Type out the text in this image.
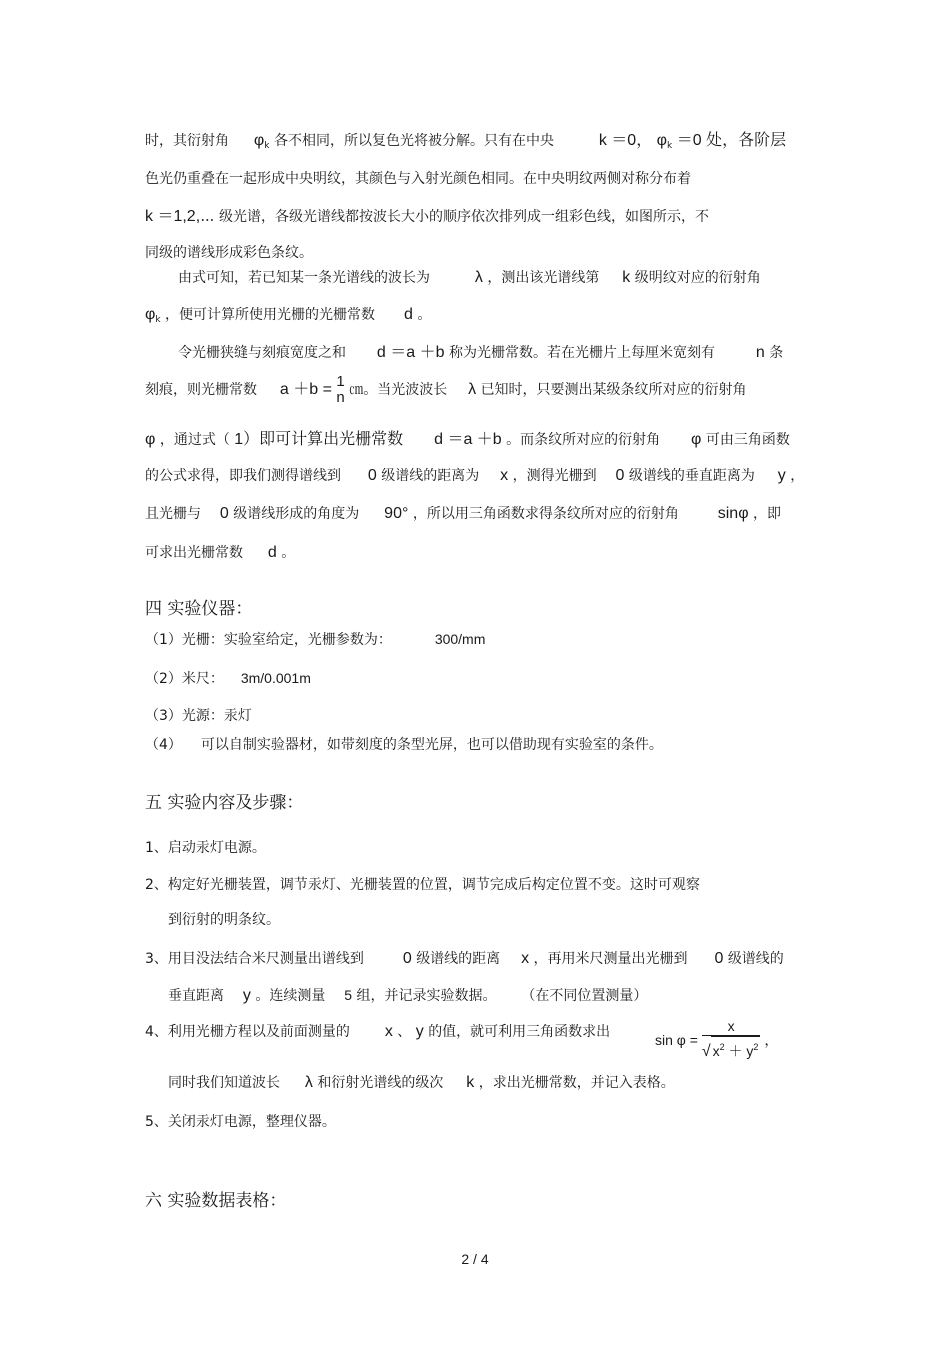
时，其衍射角 $\varphi_k$ 各不相同，所以复色光将被分解。只有在中央	k ＝0， $\varphi_k =0$ 处，各阶层
色光仍重叠在一起形成中央明纹，其颜色与入射光颜色相同。在中央明纹两侧对称分布着
k ＝1,2,⋯ 级光谱，各级光谱线都按波长大小的顺序依次排列成一组彩色线，如图所示，不
同级的谱线形成彩色条纹。
由式可知，若已知某一条光谱线的波长为	λ ，测出该光谱线第 k 级明纹对应的衍射角
$\varphi_k$ ，便可计算所使用光栅的光栅常数 d 。
令光栅狭缝与刻痕宽度之和 d ＝a ＋b 称为光栅常数。若在光栅片上每厘米宽刻有	n 条
刻痕，则光栅常数 a ＋b = 1
n ㎝。当光波波长 λ 已知时，只要测出某级条纹所对应的衍射角
φ ，通过式（ 1）即可计算出光栅常数 d ＝a ＋b 。而条纹所对应的衍射角 φ 可由三角函数
的公式求得，即我们测得谱线到 0 级谱线的距离为 x ，测得光栅到 0 级谱线的垂直距离为 y ，
且光栅与 0 级谱线形成的角度为 90° ，所以用三角函数求得条纹所对应的衍射角 sinφ ，即
可求出光栅常数 d 。
四 实验仪器：
（1）光栅：实验室给定，光栅参数为：	300/mm
（2）米尺： 3m/0.001m
（3）光源：汞灯
（4） 可以自制实验器材，如带刻度的条型光屏，也可以借助现有实验室的条件。
五 实验内容及步骤：
1、启动汞灯电源。
2、构定好光栅装置，调节汞灯、光栅装置的位置，调节完成后构定位置不变。这时可观察
到衍射的明条纹。
3、用目没法结合米尺测量出谱线到 0 级谱线的距离 x ，再用米尺测量出光栅到 0 级谱线的
垂直距离 y 。连续测量 5 组，并记录实验数据。 （在不同位置测量）
4、利用光栅方程以及前面测量的 x 、 y 的值，就可利用三角函数求出	$\sin \varphi = \frac{x}{√ x^2 + y^2}$ ，
同时我们知道波长 λ 和衍射光谱线的级次 k ，求出光栅常数，并记入表格。
5、关闭汞灯电源，整理仪器。
六 实验数据表格：
2 / 4
